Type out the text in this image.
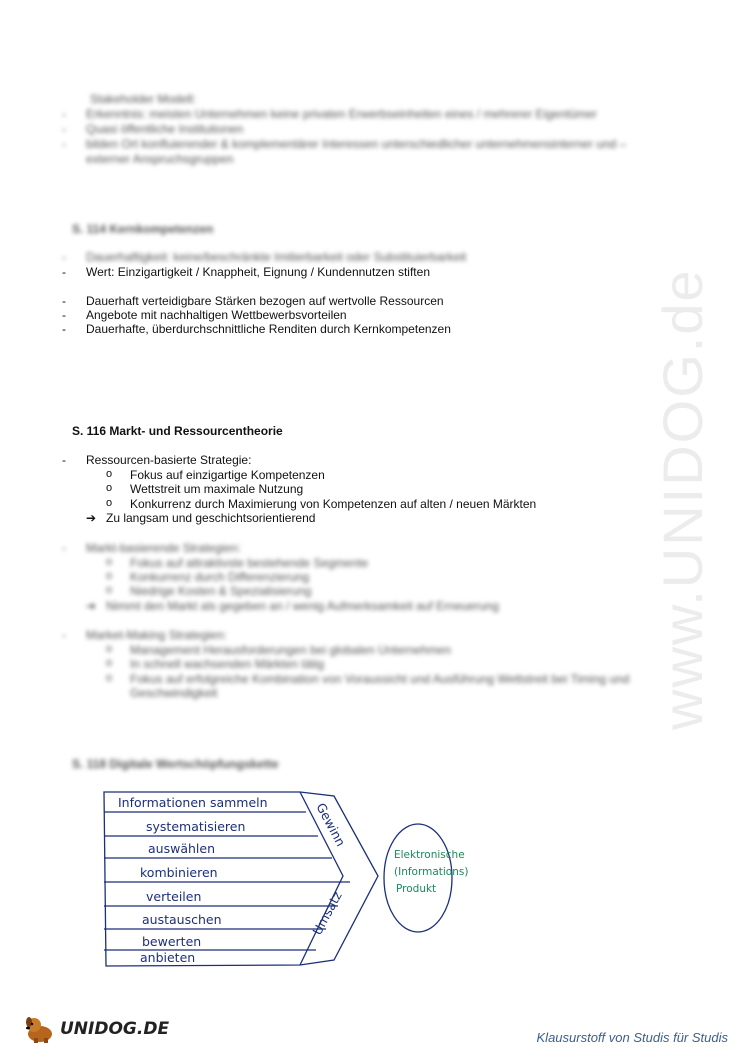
www.UNIDOG.de
Stakeholder Modell:
- Erkenntnis: meisten Unternehmen keine privaten Erwerbseinheiten eines / mehrerer Eigentümer
- Quasi öffentliche Institutionen
- bilden Ort konfluierender & komplementärer Interessen unterschiedlicher unternehmensinterner und –
externer Anspruchsgruppen
S. 114 Kernkompetenzen
- Dauerhaftigkeit: keine/beschränkte Imitierbarkeit oder Substituierbarkeit
- Wert: Einzigartigkeit / Knappheit, Eignung / Kundennutzen stiften
- Dauerhaft verteidigbare Stärken bezogen auf wertvolle Ressourcen
- Angebote mit nachhaltigen Wettbewerbsvorteilen
- Dauerhafte, überdurchschnittliche Renditen durch Kernkompetenzen
S. 116 Markt- und Ressourcentheorie
- Ressourcen-basierte Strategie:
o Fokus auf einzigartige Kompetenzen
o Wettstreit um maximale Nutzung
o Konkurrenz durch Maximierung von Kompetenzen auf alten / neuen Märkten
➔ Zu langsam und geschichtsorientierend
- Markt-basierende Strategien:
o Fokus auf attraktivste bestehende Segmente
o Konkurrenz durch Differenzierung
o Niedrige Kosten & Spezialisierung
➔ Nimmt den Markt als gegeben an / wenig Aufmerksamkeit auf Erneuerung
- Market-Making Strategien:
o Management Herausforderungen bei globalen Unternehmen
o In schnell wachsenden Märkten tätig
o Fokus auf erfolgreiche Kombination von Voraussicht und Ausführung Wettstreit bei Timing und
Geschwindigkeit
S. 118 Digitale Wertschöpfungskette
Informationen sammeln
systematisieren
auswählen
kombinieren
verteilen
austauschen
bewerten
anbieten
Gewinn
Umsatz
Elektronische
(Informations)
Produkt
UNIDOG.DE	Klausurstoff von Studis für Studis
